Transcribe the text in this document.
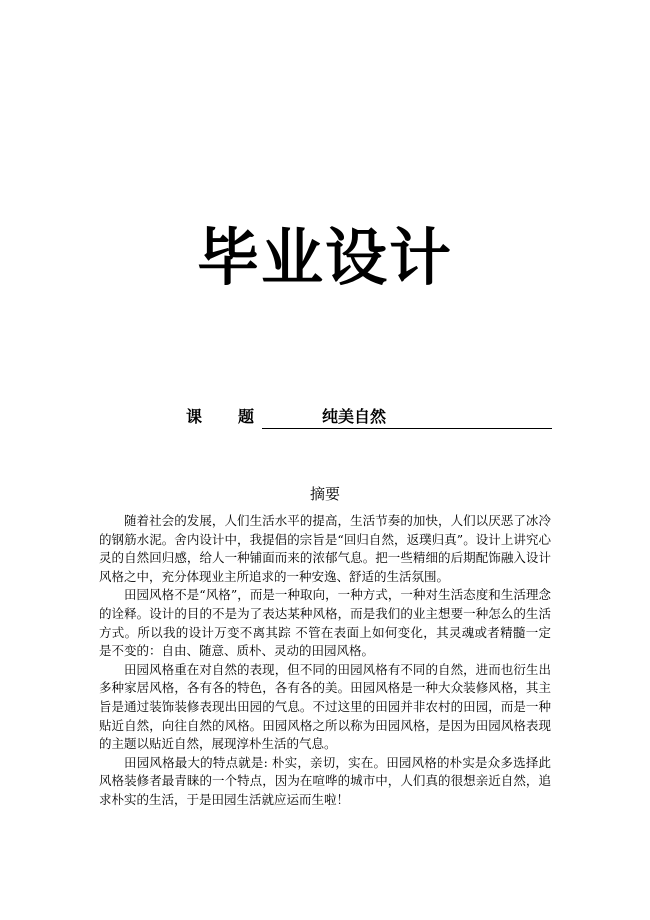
毕业设计
课 题	纯美自然
摘要

随着社会的发展，人们生活水平的提高，生活节奏的加快，人们以厌恶了冰冷的钢筋水泥。舍内设计中，我提倡的宗旨是“回归自然，返璞归真”。设计上讲究心灵的自然回归感，给人一种铺面而来的浓郁气息。把一些精细的后期配饰融入设计风格之中，充分体现业主所追求的一种安逸、舒适的生活氛围。

田园风格不是“风格”，而是一种取向，一种方式，一种对生活态度和生活理念的诠释。设计的目的不是为了表达某种风格，而是我们的业主想要一种怎么的生活方式。所以我的设计万变不离其踪 不管在表面上如何变化，其灵魂或者精髓一定是不变的：自由、随意、质朴、灵动的田园风格。

田园风格重在对自然的表现，但不同的田园风格有不同的自然，进而也衍生出多种家居风格，各有各的特色，各有各的美。田园风格是一种大众装修风格，其主旨是通过装饰装修表现出田园的气息。不过这里的田园并非农村的田园，而是一种贴近自然，向往自然的风格。田园风格之所以称为田园风格，是因为田园风格表现的主题以贴近自然，展现淳朴生活的气息。

田园风格最大的特点就是: 朴实，亲切，实在。田园风格的朴实是众多选择此风格装修者最青睐的一个特点，因为在喧哗的城市中，人们真的很想亲近自然，追求朴实的生活，于是田园生活就应运而生啦！
